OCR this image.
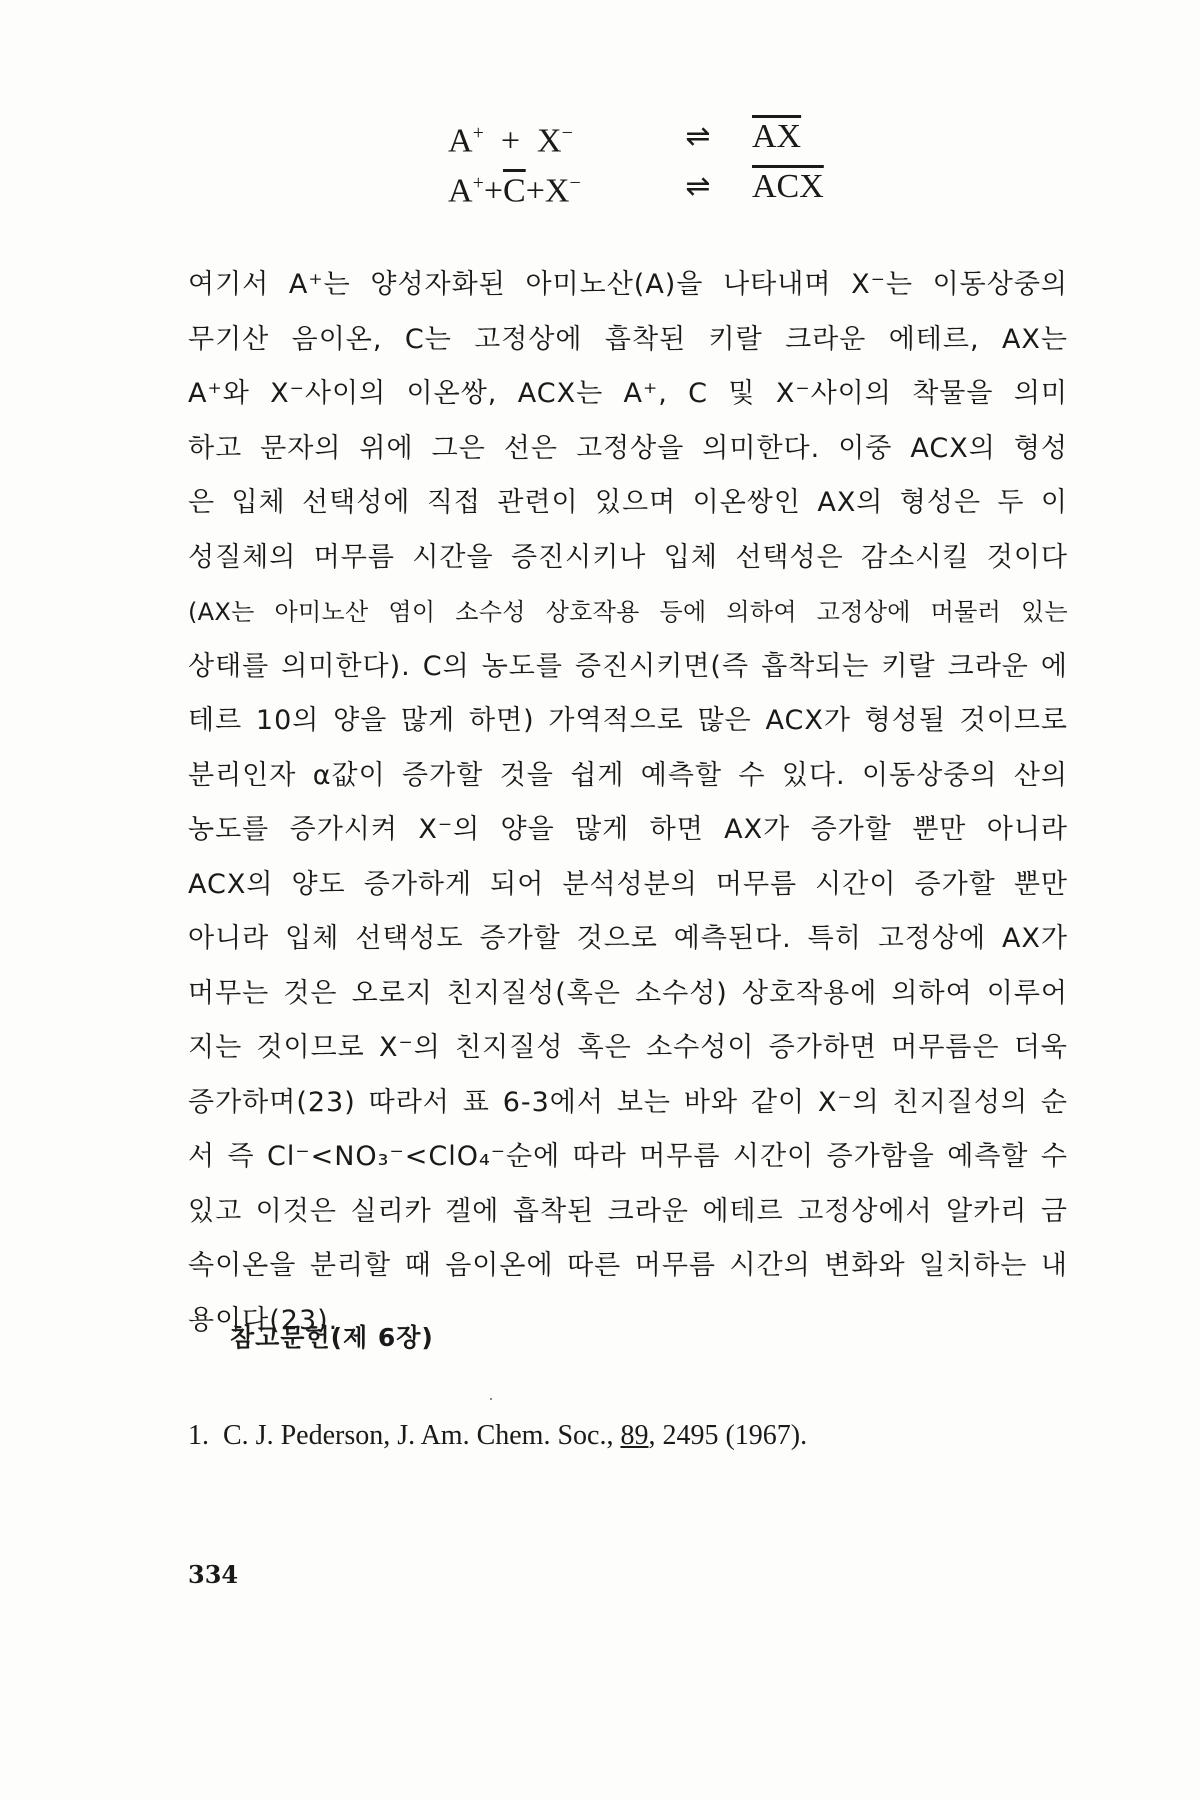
A+  +  X−	⇌	$\overline{AX}$
$A^++\overline{C}+X^-$	⇌	$\overline{ACX}$

여기서 A⁺는 양성자화된 아미노산(A)을 나타내며 X⁻는 이동상중의

무기산 음이온, C는 고정상에 흡착된 키랄 크라운 에테르, AX는

A⁺와 X⁻사이의 이온쌍, ACX는 A⁺, C 및 X⁻사이의 착물을 의미

하고 문자의 위에 그은 선은 고정상을 의미한다. 이중 ACX의 형성

은 입체 선택성에 직접 관련이 있으며 이온쌍인 AX의 형성은 두 이

성질체의 머무름 시간을 증진시키나 입체 선택성은 감소시킬 것이다

(AX는 아미노산 염이 소수성 상호작용 등에 의하여 고정상에 머물러 있는

상태를 의미한다). C의 농도를 증진시키면(즉 흡착되는 키랄 크라운 에

테르 10의 양을 많게 하면) 가역적으로 많은 ACX가 형성될 것이므로

분리인자 α값이 증가할 것을 쉽게 예측할 수 있다. 이동상중의 산의

농도를 증가시켜 X⁻의 양을 많게 하면 AX가 증가할 뿐만 아니라

ACX의 양도 증가하게 되어 분석성분의 머무름 시간이 증가할 뿐만

아니라 입체 선택성도 증가할 것으로 예측된다. 특히 고정상에 AX가

머무는 것은 오로지 친지질성(혹은 소수성) 상호작용에 의하여 이루어

지는 것이므로 X⁻의 친지질성 혹은 소수성이 증가하면 머무름은 더욱

증가하며(23) 따라서 표 6-3에서 보는 바와 같이 X⁻의 친지질성의 순

서 즉 Cl⁻<NO₃⁻<ClO₄⁻순에 따라 머무름 시간이 증가함을 예측할 수

있고 이것은 실리카 겔에 흡착된 크라운 에테르 고정상에서 알카리 금

속이온을 분리할 때 음이온에 따른 머무름 시간의 변화와 일치하는 내

용이다(23).

참고문헌(제 6장)
1. C. J. Pederson, J. Am. Chem. Soc., 89, 2495 (1967).
334
